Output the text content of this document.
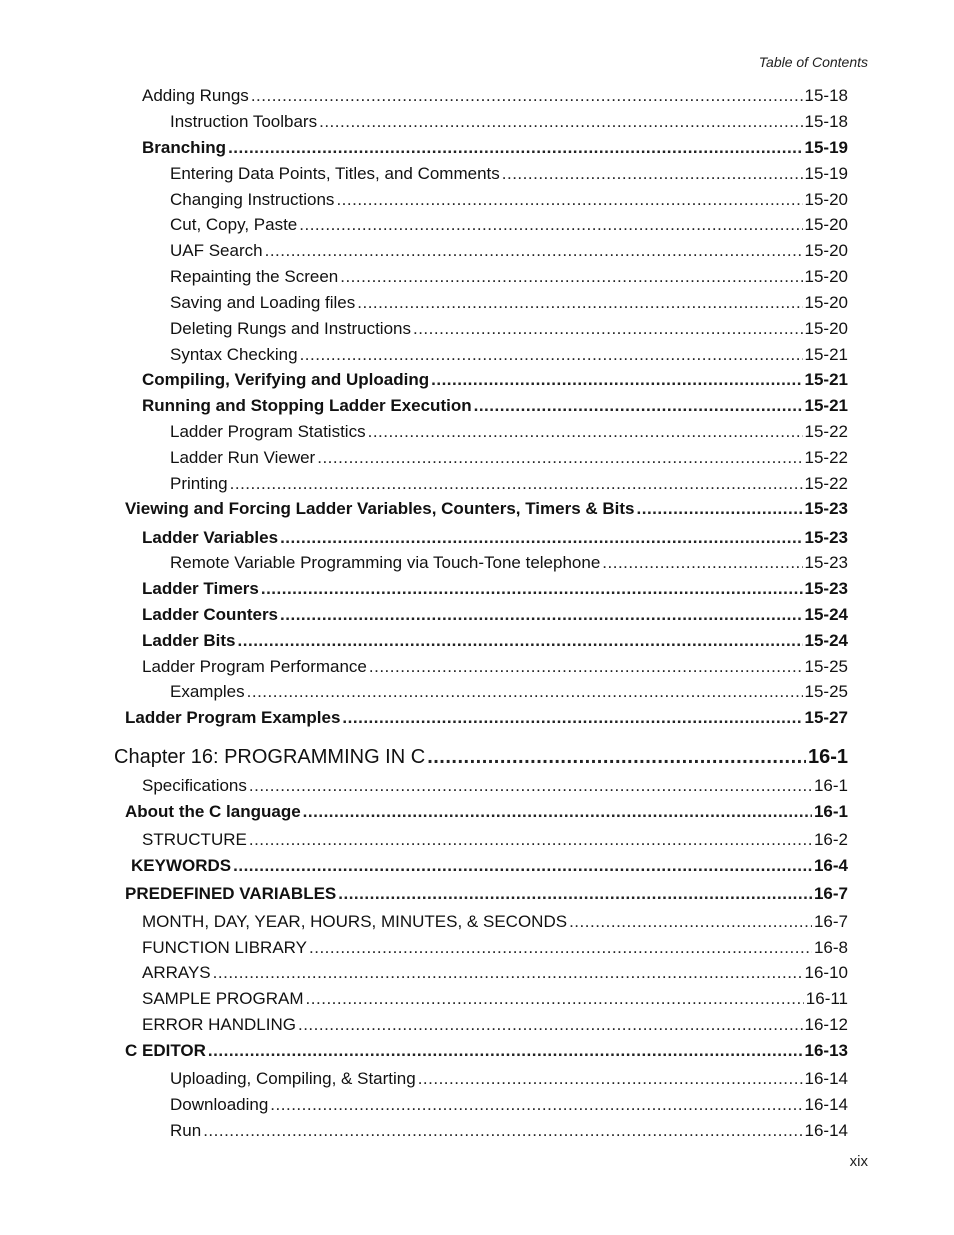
Table of Contents
Adding Rungs .....	15-18
Instruction Toolbars .....	15-18
Branching .....	15-19
Entering Data Points, Titles, and Comments .....	15-19
Changing Instructions .....	15-20
Cut, Copy, Paste .....	15-20
UAF Search .....	15-20
Repainting the Screen .....	15-20
Saving and Loading files .....	15-20
Deleting Rungs and Instructions .....	15-20
Syntax Checking .....	15-21
Compiling, Verifying and Uploading .....	15-21
Running and Stopping Ladder Execution .....	15-21
Ladder Program Statistics .....	15-22
Ladder Run Viewer .....	15-22
Printing .....	15-22
Viewing and Forcing Ladder Variables, Counters, Timers & Bits .....	15-23
Ladder Variables .....	15-23
Remote Variable Programming via Touch-Tone telephone .....	15-23
Ladder Timers .....	15-23
Ladder Counters .....	15-24
Ladder Bits .....	15-24
Ladder Program Performance .....	15-25
Examples .....	15-25
Ladder Program Examples .....	15-27
Chapter 16: PROGRAMMING IN C .....	16-1
Specifications .....	16-1
About the C language .....	16-1
STRUCTURE .....	16-2
KEYWORDS .....	16-4
PREDEFINED VARIABLES .....	16-7
MONTH, DAY, YEAR, HOURS, MINUTES, & SECONDS .....	16-7
FUNCTION LIBRARY .....	16-8
ARRAYS .....	16-10
SAMPLE PROGRAM .....	16-11
ERROR HANDLING .....	16-12
C EDITOR .....	16-13
Uploading, Compiling, & Starting .....	16-14
Downloading .....	16-14
Run .....	16-14
xix
